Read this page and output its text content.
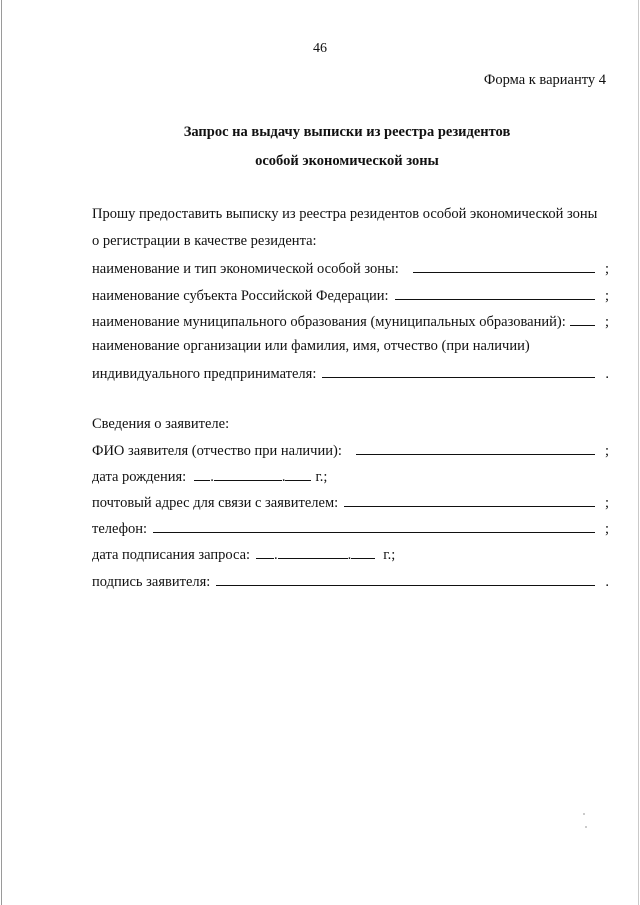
46
Форма к варианту 4
Запрос на выдачу выписки из реестра резидентов
особой экономической зоны
Прошу предоставить выписку из реестра резидентов особой экономической зоны
о регистрации в качестве резидента:
наименование и тип экономической особой зоны:	;
наименование субъекта Российской Федерации:	;
наименование муниципального образования (муниципальных образований):	;
наименование организации или фамилия, имя, отчество (при наличии)
индивидуального предпринимателя:	.
Сведения о заявителе:
ФИО заявителя (отчество при наличии):	;
дата рождения: .	. г.;
почтовый адрес для связи с заявителем:	;
телефон:	;
дата подписания запроса: .	. г.;
подпись заявителя:	.
